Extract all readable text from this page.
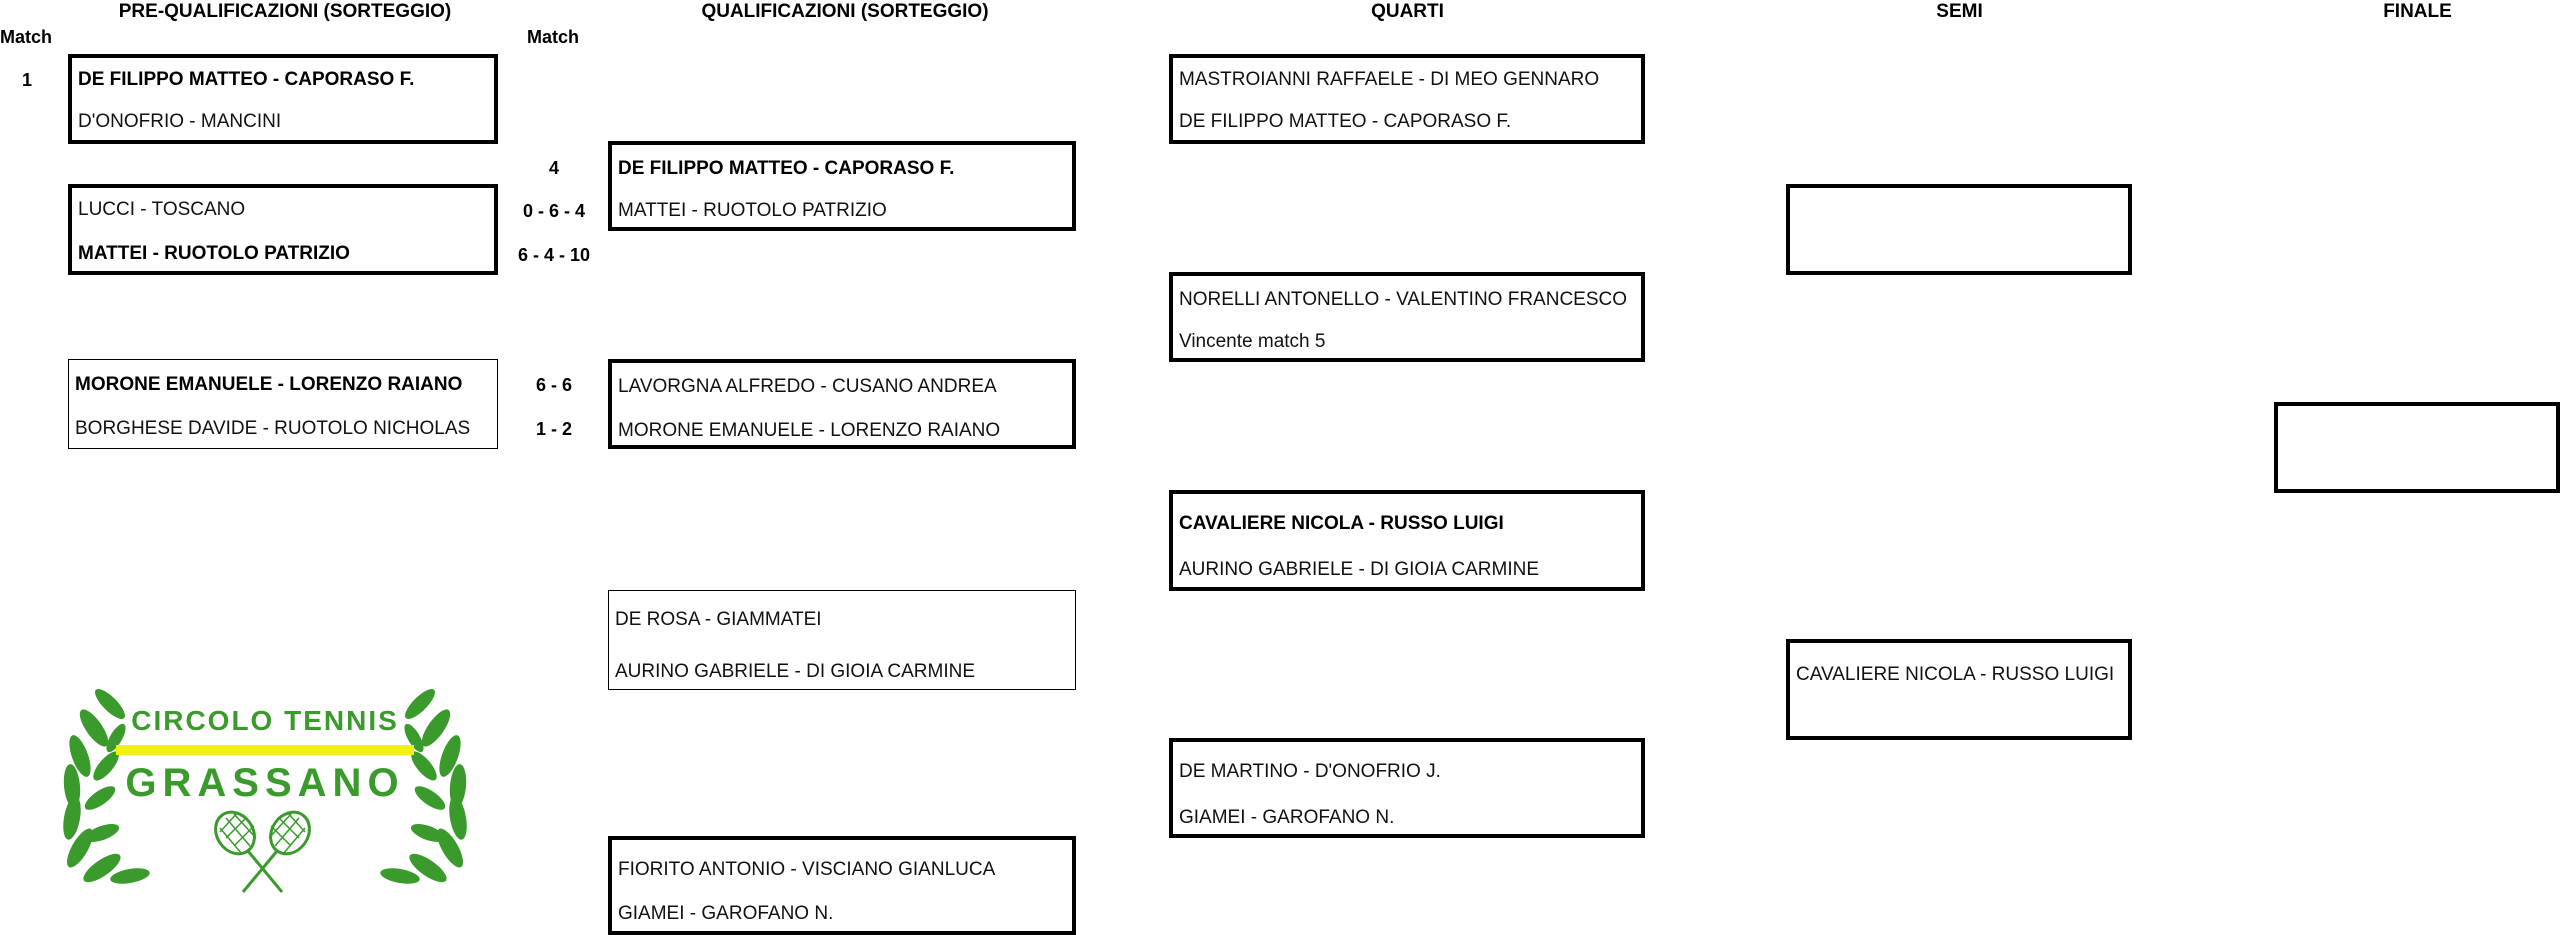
PRE-QUALIFICAZIONI (SORTEGGIO)	QUALIFICAZIONI (SORTEGGIO)	QUARTI	SEMI	FINALE
Match	Match
1 DE FILIPPO MATTEO - CAPORASO F.
D'ONOFRIO - MANCINI
LUCCI - TOSCANO
MATTEI - RUOTOLO PATRIZIO
0 - 6 - 4
6 - 4 - 10
MORONE EMANUELE - LORENZO RAIANO
BORGHESE DAVIDE - RUOTOLO NICHOLAS
6 - 6
1 - 2
4	DE FILIPPO MATTEO - CAPORASO F.
MATTEI - RUOTOLO PATRIZIO
LAVORGNA ALFREDO - CUSANO ANDREA
MORONE EMANUELE - LORENZO RAIANO
DE ROSA - GIAMMATEI
AURINO GABRIELE - DI GIOIA CARMINE
FIORITO ANTONIO - VISCIANO GIANLUCA
GIAMEI - GAROFANO N.
MASTROIANNI RAFFAELE - DI MEO GENNARO
DE FILIPPO MATTEO - CAPORASO F.
NORELLI ANTONELLO - VALENTINO FRANCESCO
Vincente match 5
CAVALIERE NICOLA - RUSSO LUIGI
AURINO GABRIELE - DI GIOIA CARMINE
DE MARTINO - D'ONOFRIO J.
GIAMEI - GAROFANO N.
CAVALIERE NICOLA - RUSSO LUIGI
CIRCOLO TENNIS
GRASSANO
